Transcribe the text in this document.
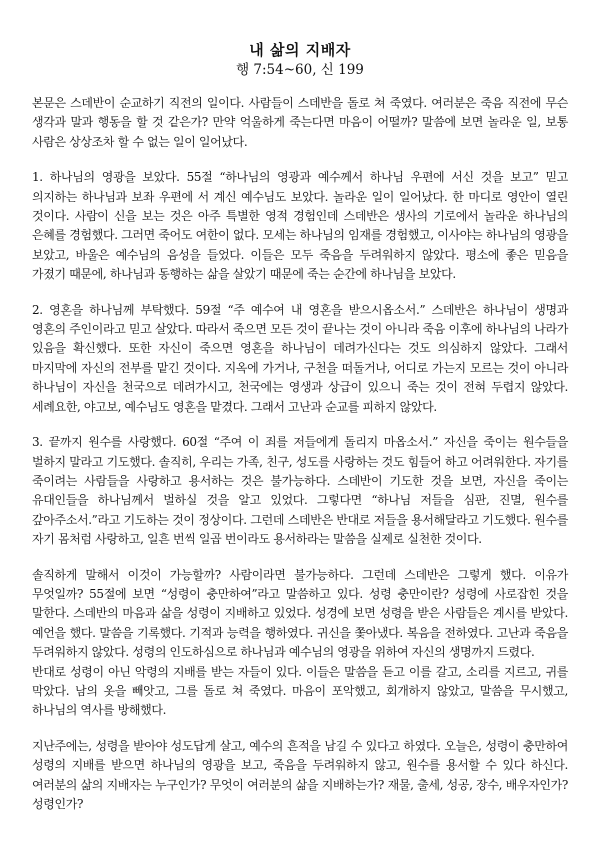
내 삶의 지배자
행 7:54~60, 신 199

본문은 스데반이 순교하기 직전의 일이다. 사람들이 스데반을 돌로 쳐 죽였다. 여러분은 죽음 직전에 무슨 생각과 말과 행동을 할 것 같은가? 만약 억울하게 죽는다면 마음이 어떨까? 말씀에 보면 놀라운 일, 보통 사람은 상상조차 할 수 없는 일이 일어났다.

1. 하나님의 영광을 보았다. 55절 “하나님의 영광과 예수께서 하나님 우편에 서신 것을 보고” 믿고 의지하는 하나님과 보좌 우편에 서 계신 예수님도 보았다. 놀라운 일이 일어났다. 한 마디로 영안이 열린 것이다. 사람이 신을 보는 것은 아주 특별한 영적 경험인데 스데반은 생사의 기로에서 놀라운 하나님의 은혜를 경험했다. 그러면 죽어도 여한이 없다. 모세는 하나님의 임재를 경험했고, 이사야는 하나님의 영광을 보았고, 바울은 예수님의 음성을 들었다. 이들은 모두 죽음을 두려워하지 않았다. 평소에 좋은 믿음을 가졌기 때문에, 하나님과 동행하는 삶을 살았기 때문에 죽는 순간에 하나님을 보았다.

2. 영혼을 하나님께 부탁했다. 59절 “주 예수여 내 영혼을 받으시옵소서.” 스데반은 하나님이 생명과 영혼의 주인이라고 믿고 살았다. 따라서 죽으면 모든 것이 끝나는 것이 아니라 죽음 이후에 하나님의 나라가 있음을 확신했다. 또한 자신이 죽으면 영혼을 하나님이 데려가신다는 것도 의심하지 않았다. 그래서 마지막에 자신의 전부를 맡긴 것이다. 지옥에 가거나, 구천을 떠돌거나, 어디로 가는지 모르는 것이 아니라 하나님이 자신을 천국으로 데려가시고, 천국에는 영생과 상급이 있으니 죽는 것이 전혀 두렵지 않았다. 세례요한, 야고보, 예수님도 영혼을 맡겼다. 그래서 고난과 순교를 피하지 않았다.

3. 끝까지 원수를 사랑했다. 60절 “주여 이 죄를 저들에게 돌리지 마옵소서.” 자신을 죽이는 원수들을 벌하지 말라고 기도했다. 솔직히, 우리는 가족, 친구, 성도를 사랑하는 것도 힘들어 하고 어려워한다. 자기를 죽이려는 사람들을 사랑하고 용서하는 것은 불가능하다. 스데반이 기도한 것을 보면, 자신을 죽이는 유대인들을 하나님께서 벌하실 것을 알고 있었다. 그렇다면 “하나님 저들을 심판, 진멸, 원수를 갚아주소서.”라고 기도하는 것이 정상이다. 그런데 스데반은 반대로 저들을 용서해달라고 기도했다. 원수를 자기 몸처럼 사랑하고, 일흔 번씩 일곱 번이라도 용서하라는 말씀을 실제로 실천한 것이다.

솔직하게 말해서 이것이 가능할까? 사람이라면 불가능하다. 그런데 스데반은 그렇게 했다. 이유가 무엇일까? 55절에 보면 “성령이 충만하여”라고 말씀하고 있다. 성령 충만이란? 성령에 사로잡힌 것을 말한다. 스데반의 마음과 삶을 성령이 지배하고 있었다. 성경에 보면 성령을 받은 사람들은 계시를 받았다. 예언을 했다. 말씀을 기록했다. 기적과 능력을 행하였다. 귀신을 쫓아냈다. 복음을 전하였다. 고난과 죽음을 두려워하지 않았다. 성령의 인도하심으로 하나님과 예수님의 영광을 위하여 자신의 생명까지 드렸다.

반대로 성령이 아닌 악령의 지배를 받는 자들이 있다. 이들은 말씀을 듣고 이를 갈고, 소리를 지르고, 귀를 막았다. 남의 옷을 빼앗고, 그를 돌로 쳐 죽였다. 마음이 포악했고, 회개하지 않았고, 말씀을 무시했고, 하나님의 역사를 방해했다.

지난주에는, 성령을 받아야 성도답게 살고, 예수의 흔적을 남길 수 있다고 하였다. 오늘은, 성령이 충만하여 성령의 지배를 받으면 하나님의 영광을 보고, 죽음을 두려워하지 않고, 원수를 용서할 수 있다 하신다. 여러분의 삶의 지배자는 누구인가? 무엇이 여러분의 삶을 지배하는가? 재물, 출세, 성공, 장수, 배우자인가? 성령인가?
